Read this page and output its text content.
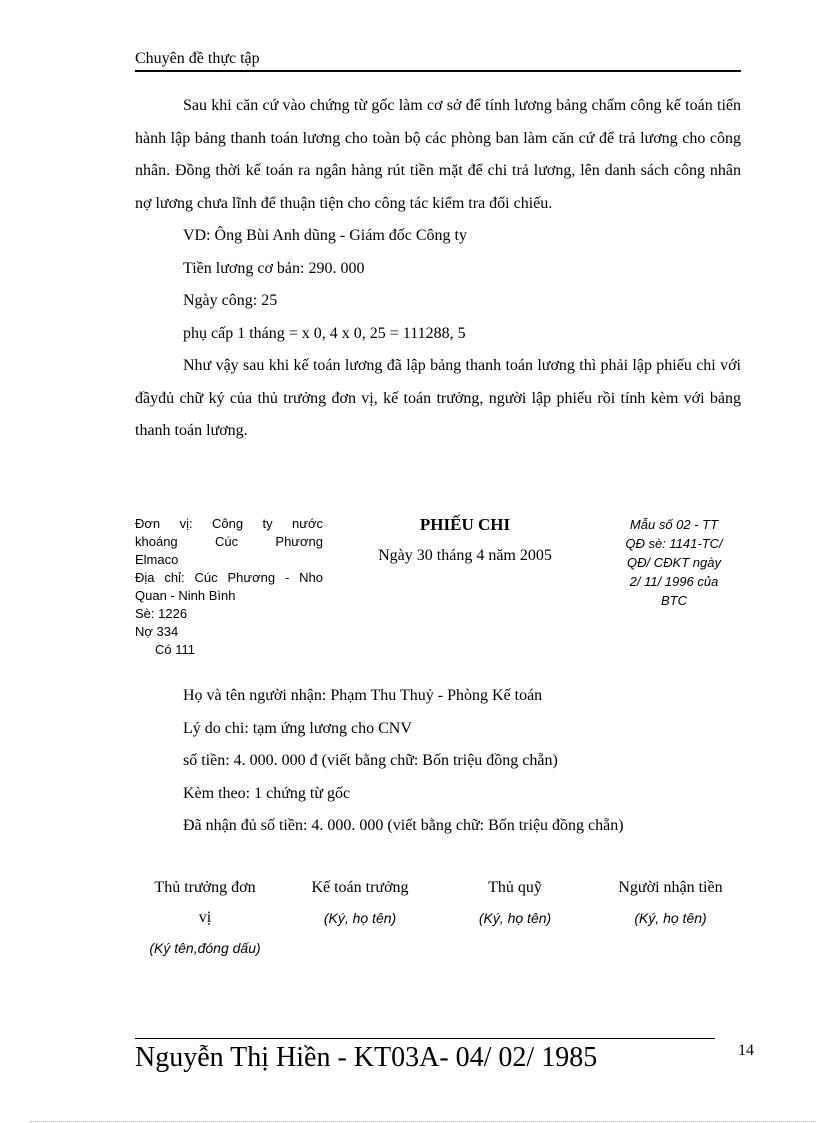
Chuyên đề thực tập

Sau khi căn cứ vào chứng từ gốc làm cơ sở để tính lương bảng chấm công kế toán tiến hành lập bảng thanh toán lương cho toàn bộ các phòng ban làm căn cứ để trả lương cho công nhân. Đồng thời kế toán ra ngân hàng rút tiền mặt để chi trả lương, lên danh sách công nhân nợ lương chưa lĩnh để thuận tiện cho công tác kiểm tra đối chiếu.

VD: Ông Bùi Anh dũng - Giám đốc Công ty

Tiền lương cơ bản: 290. 000

Ngày công: 25

phụ cấp 1 tháng = x 0, 4 x 0, 25 = 111288, 5

Như vậy sau khi kế toán lương đã lập bảng thanh toán lương thì phải lập phiếu chi với đầyđủ chữ ký của thủ trưởng đơn vị, kế toán trưởng, người lập phiếu rồi tính kèm với bảng thanh toán lương.

Đơn vị: Công ty nước
khoáng Cúc Phương
Elmaco
Địa chỉ: Cúc Phương - Nho
Quan - Ninh Bình
Sè: 1226
Nợ 334
Có 111
PHIẾU CHI
Ngày 30 tháng 4 năm 2005
Mẫu số 02 - TT
QĐ sè: 1141-TC/
QĐ/ CĐKT ngày
2/ 11/ 1996 của
BTC

Họ và tên người nhận: Phạm Thu Thuỷ - Phòng Kế toán

Lý do chi: tạm ứng lương cho CNV

số tiền: 4. 000. 000 đ (viết bằng chữ: Bốn triệu đồng chẵn)

Kèm theo: 1 chứng từ gốc

Đã nhận đủ số tiền: 4. 000. 000 (viết bằng chữ: Bốn triệu đồng chẵn)

Thủ trưởng đơn
vị
(Ký tên,đóng dấu)
Kế toán trưởng
(Ký, họ tên)
Thủ quỹ
(Ký, họ tên)
Người nhận tiền
(Ký, họ tên)
Nguyễn Thị Hiền - KT03A- 04/ 02/ 1985	14
